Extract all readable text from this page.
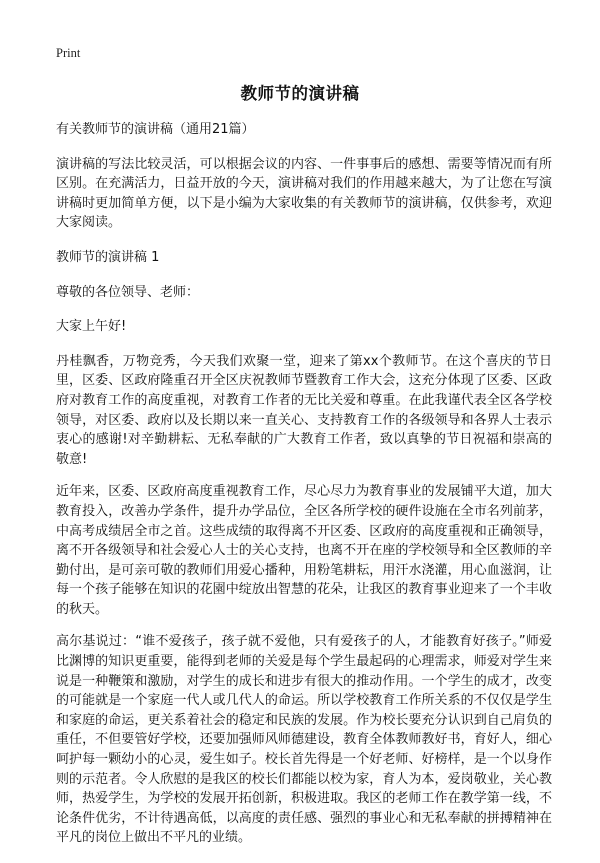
Print
教师节的演讲稿

有关教师节的演讲稿（通用21篇）

演讲稿的写法比较灵活，可以根据会议的内容、一件事事后的感想、需要等情况而有所区别。在充满活力，日益开放的今天，演讲稿对我们的作用越来越大，为了让您在写演讲稿时更加简单方便，以下是小编为大家收集的有关教师节的演讲稿，仅供参考，欢迎大家阅读。

教师节的演讲稿 1

尊敬的各位领导、老师：

大家上午好!

丹桂飘香，万物竞秀，今天我们欢聚一堂，迎来了第xx个教师节。在这个喜庆的节日里，区委、区政府隆重召开全区庆祝教师节暨教育工作大会，这充分体现了区委、区政府对教育工作的高度重视，对教育工作者的无比关爱和尊重。在此我谨代表全区各学校领导，对区委、政府以及长期以来一直关心、支持教育工作的各级领导和各界人士表示衷心的感谢!对辛勤耕耘、无私奉献的广大教育工作者，致以真挚的节日祝福和崇高的敬意!

近年来，区委、区政府高度重视教育工作，尽心尽力为教育事业的发展铺平大道，加大教育投入，改善办学条件，提升办学品位，全区各所学校的硬件设施在全市名列前茅，中高考成绩居全市之首。这些成绩的取得离不开区委、区政府的高度重视和正确领导，离不开各级领导和社会爱心人士的关心支持，也离不开在座的学校领导和全区教师的辛勤付出，是可亲可敬的教师们用爱心播种，用粉笔耕耘，用汗水浇灌，用心血滋润，让每一个孩子能够在知识的花園中绽放出智慧的花朵，让我区的教育事业迎来了一个丰收的秋天。

高尔基说过：“谁不爱孩子，孩子就不爱他，只有爱孩子的人，才能教育好孩子。”师爱比渊博的知识更重要，能得到老师的关爱是每个学生最起码的心理需求，师爱对学生来说是一种鞭策和激励，对学生的成长和进步有很大的推动作用。一个学生的成才，改变的可能就是一个家庭一代人或几代人的命运。所以学校教育工作所关系的不仅仅是学生和家庭的命运，更关系着社会的稳定和民族的发展。作为校长要充分认识到自己肩负的重任，不但要管好学校，还要加强师风师德建设，教育全体教师教好书，育好人，细心呵护每一颗幼小的心灵，爱生如子。校长首先得是一个好老师、好榜样，是一个以身作则的示范者。令人欣慰的是我区的校长们都能以校为家，育人为本，爱岗敬业，关心教师，热爱学生，为学校的发展开拓创新，积极进取。我区的老师工作在教学第一线，不论条件优劣，不计待遇高低，以高度的责任感、强烈的事业心和无私奉献的拼搏精神在平凡的岗位上做出不平凡的业绩。
